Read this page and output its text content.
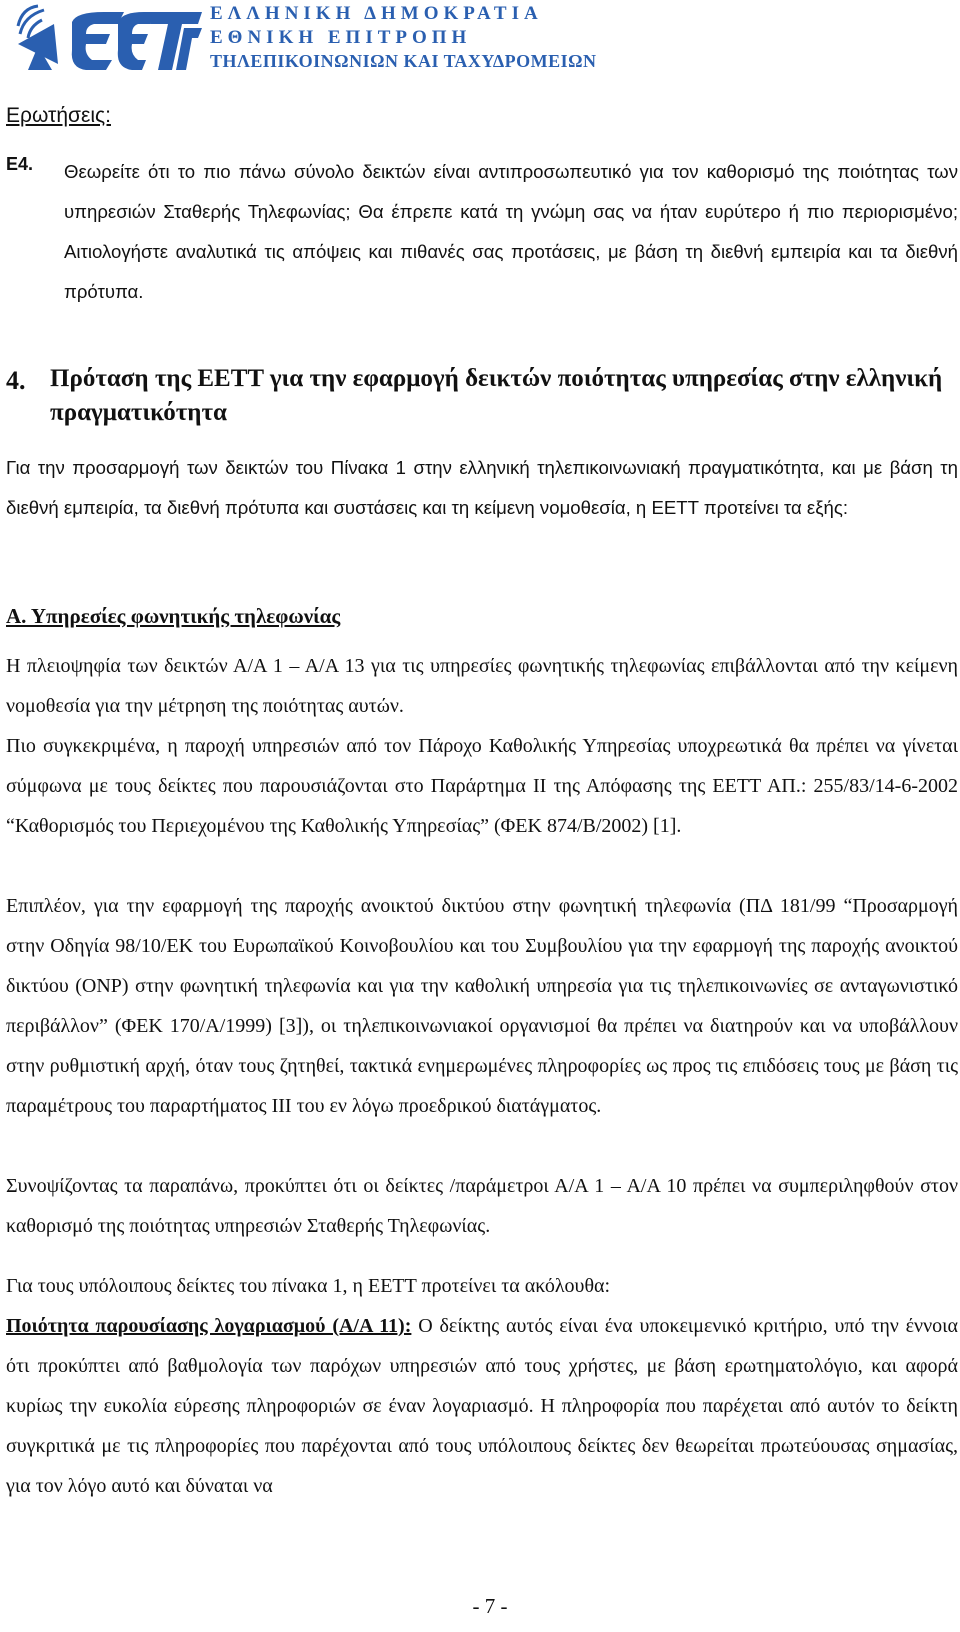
ΕΛΛΗΝΙΚΗ ΔΗΜΟΚΡΑΤΙΑ
ΕΘΝΙΚΗ ΕΠΙΤΡΟΠΗ
ΤΗΛΕΠΙΚΟΙΝΩΝΙΩΝ ΚΑΙ ΤΑΧΥΔΡΟΜΕΙΩΝ
Ερωτήσεις:
Ε4. Θεωρείτε ότι το πιο πάνω σύνολο δεικτών είναι αντιπροσωπευτικό για τον καθορισμό της ποιότητας των υπηρεσιών Σταθερής Τηλεφωνίας; Θα έπρεπε κατά τη γνώμη σας να ήταν ευρύτερο ή πιο περιορισμένο; Αιτιολογήστε αναλυτικά τις απόψεις και πιθανές σας προτάσεις, με βάση τη διεθνή εμπειρία και τα διεθνή πρότυπα.
4. Πρόταση της ΕΕΤΤ για την εφαρμογή δεικτών ποιότητας υπηρεσίας στην ελληνική πραγματικότητα
Για την προσαρμογή των δεικτών του Πίνακα 1 στην ελληνική τηλεπικοινωνιακή πραγματικότητα, και με βάση τη διεθνή εμπειρία, τα διεθνή πρότυπα και συστάσεις και τη κείμενη νομοθεσία, η ΕΕΤΤ προτείνει τα εξής:
Α. Υπηρεσίες φωνητικής τηλεφωνίας
Η πλειοψηφία των δεικτών Α/Α 1 – Α/Α 13 για τις υπηρεσίες φωνητικής τηλεφωνίας επιβάλλονται από την κείμενη νομοθεσία για την μέτρηση της ποιότητας αυτών.
Πιο συγκεκριμένα, η παροχή υπηρεσιών από τον Πάροχο Καθολικής Υπηρεσίας υποχρεωτικά θα πρέπει να γίνεται σύμφωνα με τους δείκτες που παρουσιάζονται στο Παράρτημα ΙΙ της Απόφασης της ΕΕΤΤ ΑΠ.: 255/83/14-6-2002 “Καθορισμός του Περιεχομένου της Καθολικής Υπηρεσίας” (ΦΕΚ 874/Β/2002) [1].
Επιπλέον, για την εφαρμογή της παροχής ανοικτού δικτύου στην φωνητική τηλεφωνία (ΠΔ 181/99 “Προσαρμογή στην Οδηγία 98/10/ΕΚ του Ευρωπαϊκού Κοινοβουλίου και του Συμβουλίου για την εφαρμογή της παροχής ανοικτού δικτύου (ONP) στην φωνητική τηλεφωνία και για την καθολική υπηρεσία για τις τηλεπικοινωνίες σε ανταγωνιστικό περιβάλλον” (ΦΕΚ 170/Α/1999) [3]), οι τηλεπικοινωνιακοί οργανισμοί θα πρέπει να διατηρούν και να υποβάλλουν στην ρυθμιστική αρχή, όταν τους ζητηθεί, τακτικά ενημερωμένες πληροφορίες ως προς τις επιδόσεις τους με βάση τις παραμέτρους του παραρτήματος ΙΙΙ του εν λόγω προεδρικού διατάγματος.
Συνοψίζοντας τα παραπάνω, προκύπτει ότι οι δείκτες /παράμετροι Α/Α 1 – Α/Α 10 πρέπει να συμπεριληφθούν στον καθορισμό της ποιότητας υπηρεσιών Σταθερής Τηλεφωνίας.
Για τους υπόλοιπους δείκτες του πίνακα 1, η ΕΕΤΤ προτείνει τα ακόλουθα:
Ποιότητα παρουσίασης λογαριασμού (Α/Α 11): Ο δείκτης αυτός είναι ένα υποκειμενικό κριτήριο, υπό την έννοια ότι προκύπτει από βαθμολογία των παρόχων υπηρεσιών από τους χρήστες, με βάση ερωτηματολόγιο, και αφορά κυρίως την ευκολία εύρεσης πληροφοριών σε έναν λογαριασμό. Η πληροφορία που παρέχεται από αυτόν το δείκτη συγκριτικά με τις πληροφορίες που παρέχονται από τους υπόλοιπους δείκτες δεν θεωρείται πρωτεύουσας σημασίας, για τον λόγο αυτό και δύναται να
- 7 -
